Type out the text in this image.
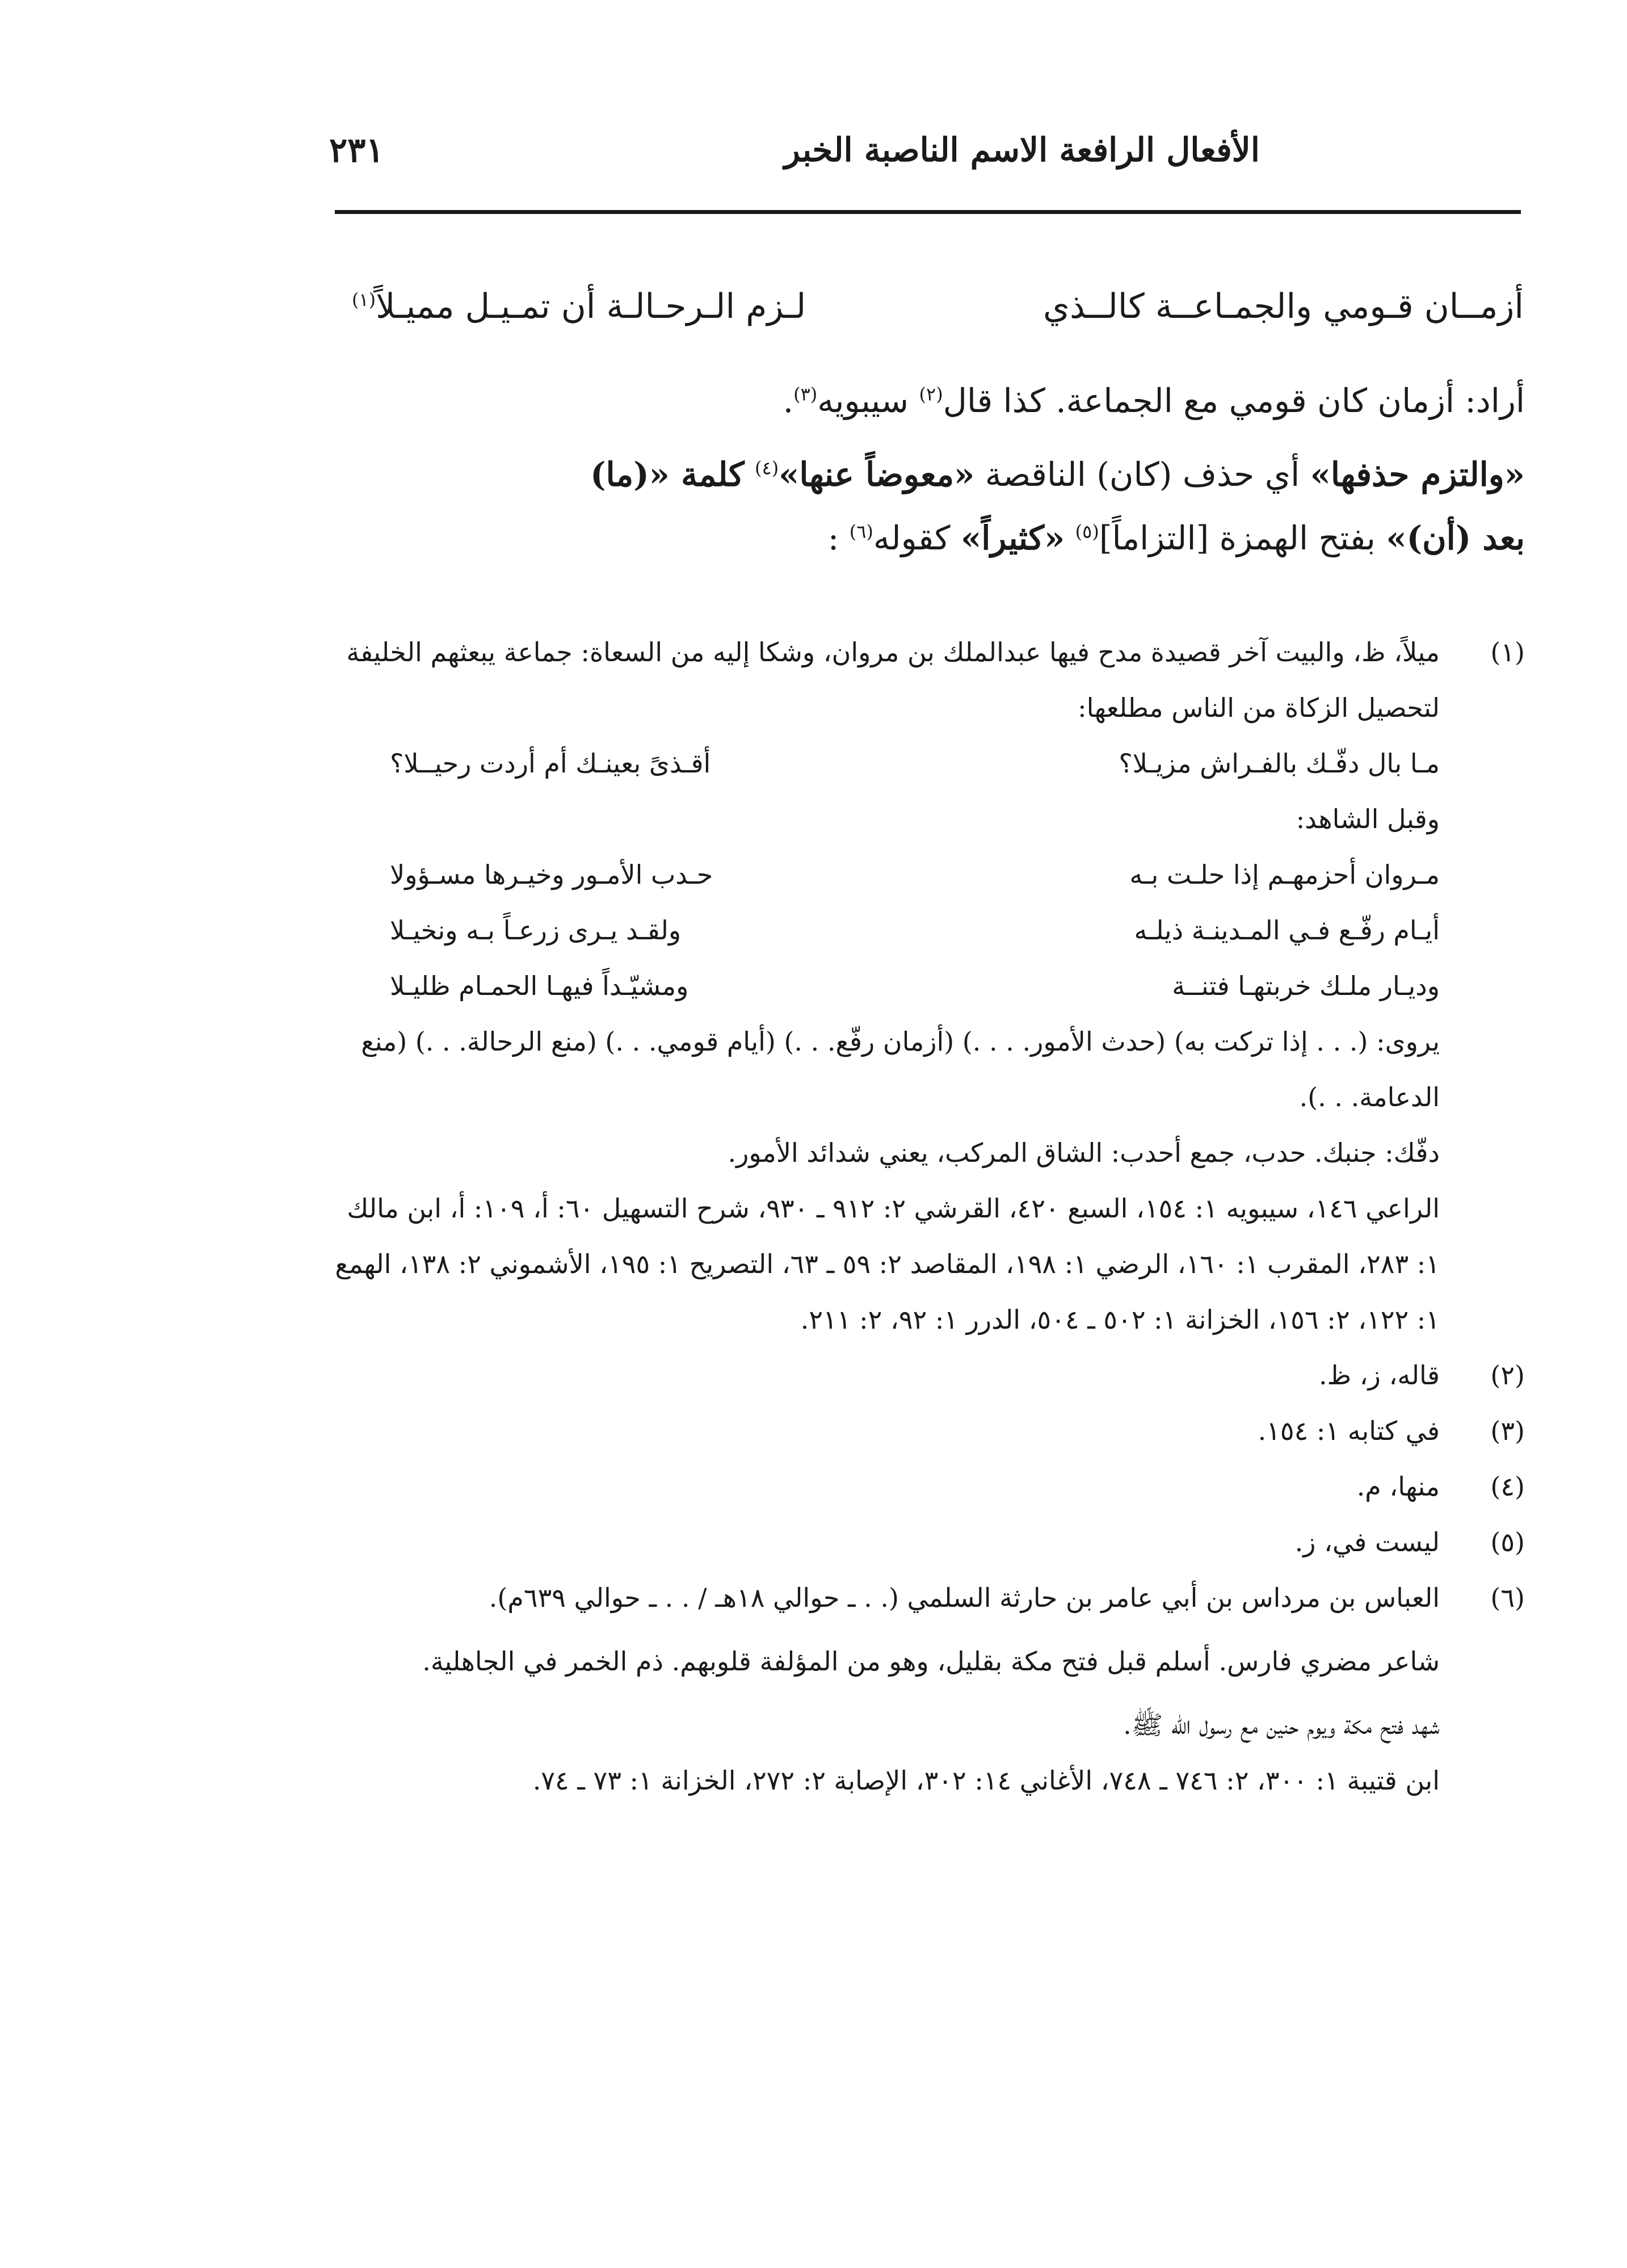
الأفعال الرافعة الاسم الناصبة الخبر
٢٣١
أزمــان قـومي والجمـاعــة كالــذي
لـزم الـرحـالـة أن تمـيـل مميـلاً$^{(١)}$

أراد: أزمان كان قومي مع الجماعة. كذا قال$^{(٢)}$ سيبويه$^{(٣)}$.

«والتزم حذفها» أي حذف (كان) الناقصة «معوضاً عنها»$^{(٤)}$ كلمة «(ما)

بعد (أن)» بفتح الهمزة [التزاماً]$^{(٥)}$ «كثيراً» كقوله$^{(٦)}$ :

(١)

ميلاً، ظ، والبيت آخر قصيدة مدح فيها عبدالملك بن مروان، وشكا إليه من السعاة: جماعة يبعثهم الخليفة لتحصيل الزكاة من الناس مطلعها:

مـا بال دفّـك بالفـراش مزيـلا؟
أقـذىً بعينـك أم أردت رحيــلا؟

وقبل الشاهد:

مـروان أحزمهـم إذا حلـت بـه
حـدب الأمـور وخيـرها مسـؤولا
أيـام رفّـع فـي المـدينـة ذيلـه
ولقـد يـرى زرعـاً بـه ونخيـلا
وديـار ملـك خربتهـا فتنــة
ومشيّـداً فيهـا الحمـام ظليـلا

يروى: (. . . إذا تركت به) (حدث الأمور. . . .) (أزمان رفّع. . .) (أيام قومي. . .) (منع الرحالة. . .) (منع الدعامة. . .).

دفّك: جنبك. حدب، جمع أحدب: الشاق المركب، يعني شدائد الأمور.

الراعي ١٤٦، سيبويه ١: ١٥٤، السبع ٤٢٠، القرشي ٢: ٩١٢ ـ ٩٣٠، شرح التسهيل ٦٠: أ، ١٠٩: أ، ابن مالك ١: ٢٨٣، المقرب ١: ١٦٠، الرضي ١: ١٩٨، المقاصد ٢: ٥٩ ـ ٦٣، التصريح ١: ١٩٥، الأشموني ٢: ١٣٨، الهمع ١: ١٢٢، ٢: ١٥٦، الخزانة ١: ٥٠٢ ـ ٥٠٤، الدرر ١: ٩٢، ٢: ٢١١.

(٢)

قاله، ز، ظ.

(٣)

في كتابه ١: ١٥٤.

(٤)

منها، م.

(٥)

ليست في، ز.

(٦)

العباس بن مرداس بن أبي عامر بن حارثة السلمي (. . ـ حوالي ١٨هـ / . . ـ حوالي ٦٣٩م).

شاعر مضري فارس. أسلم قبل فتح مكة بقليل، وهو من المؤلفة قلوبهم. ذم الخمر في الجاهلية.

شهد فتح مكة ويوم حنين مع رسول الله ﷺ.

ابن قتيبة ١: ٣٠٠، ٢: ٧٤٦ ـ ٧٤٨، الأغاني ١٤: ٣٠٢، الإصابة ٢: ٢٧٢، الخزانة ١: ٧٣ ـ ٧٤.
